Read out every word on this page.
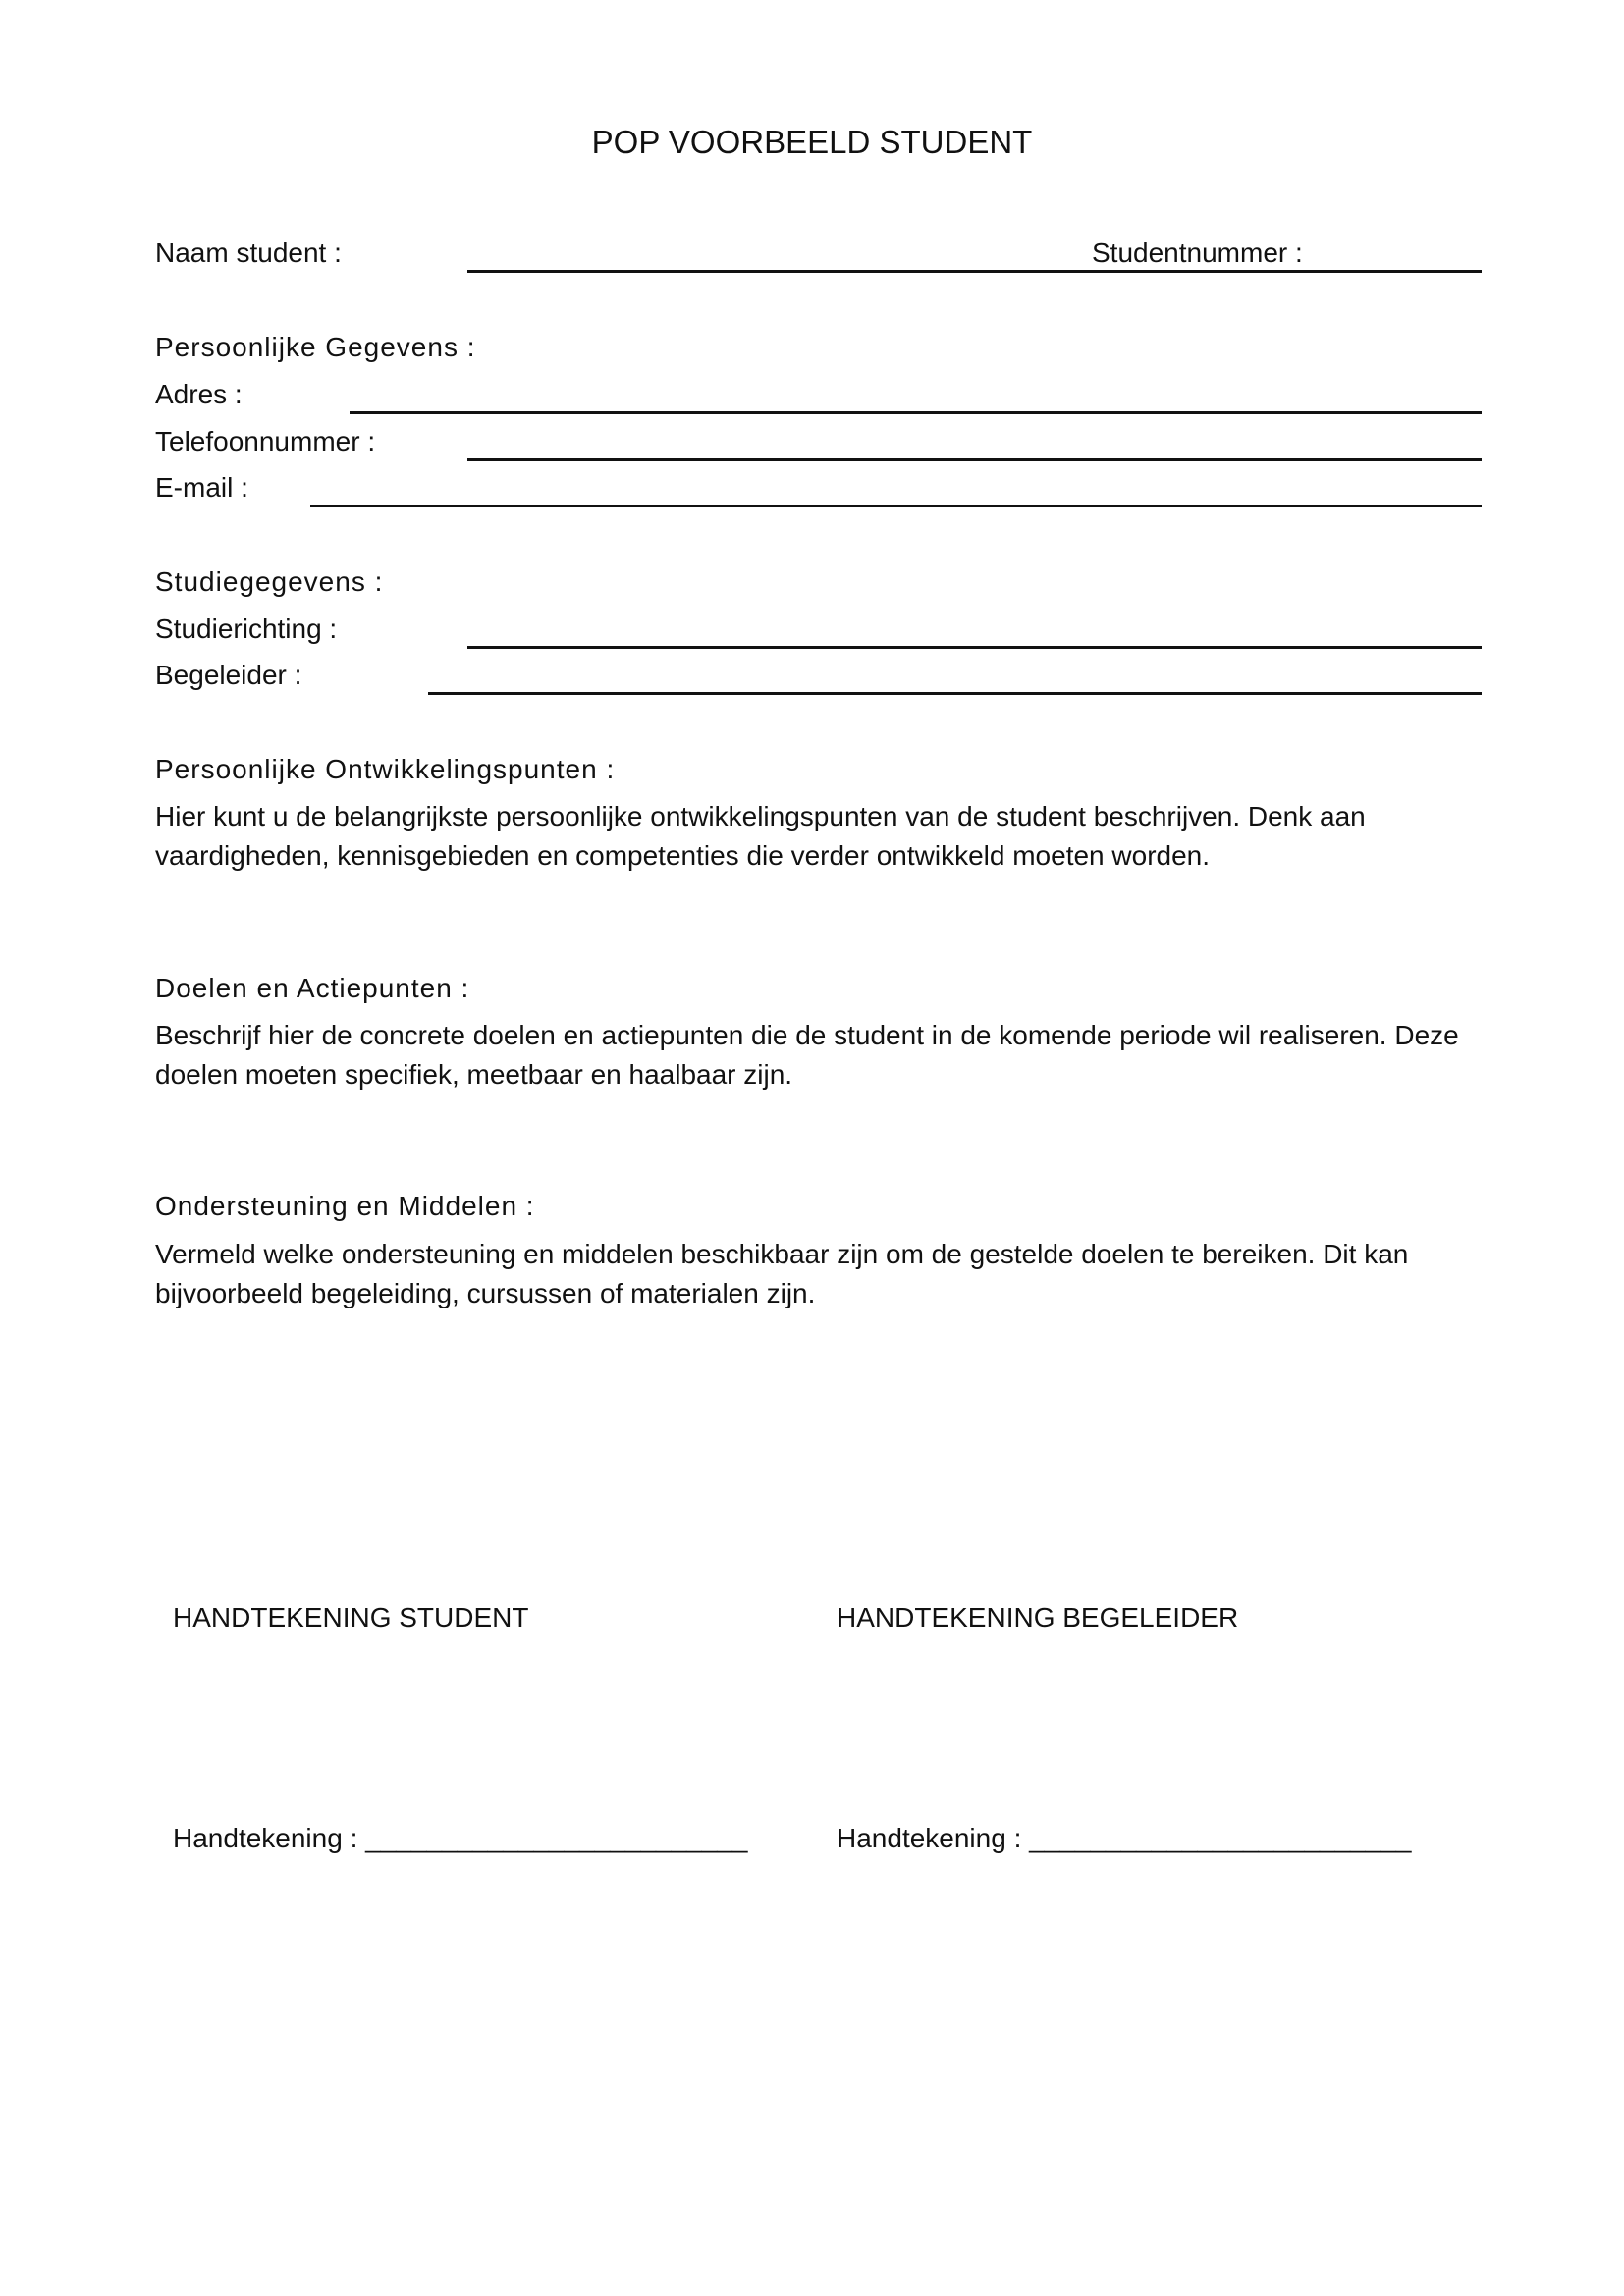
POP VOORBEELD STUDENT
Naam student :	Studentnummer :
Persoonlijke Gegevens :
Adres :
Telefoonnummer :
E-mail :
Studiegegevens :
Studierichting :
Begeleider :
Persoonlijke Ontwikkelingspunten :
Hier kunt u de belangrijkste persoonlijke ontwikkelingspunten van de student beschrijven. Denk aan vaardigheden, kennisgebieden en competenties die verder ontwikkeld moeten worden.
Doelen en Actiepunten :
Beschrijf hier de concrete doelen en actiepunten die de student in de komende periode wil realiseren. Deze doelen moeten specifiek, meetbaar en haalbaar zijn.
Ondersteuning en Middelen :
Vermeld welke ondersteuning en middelen beschikbaar zijn om de gestelde doelen te bereiken. Dit kan bijvoorbeeld begeleiding, cursussen of materialen zijn.
HANDTEKENING STUDENT	HANDTEKENING BEGELEIDER
Handtekening : _________________________	Handtekening : _________________________
